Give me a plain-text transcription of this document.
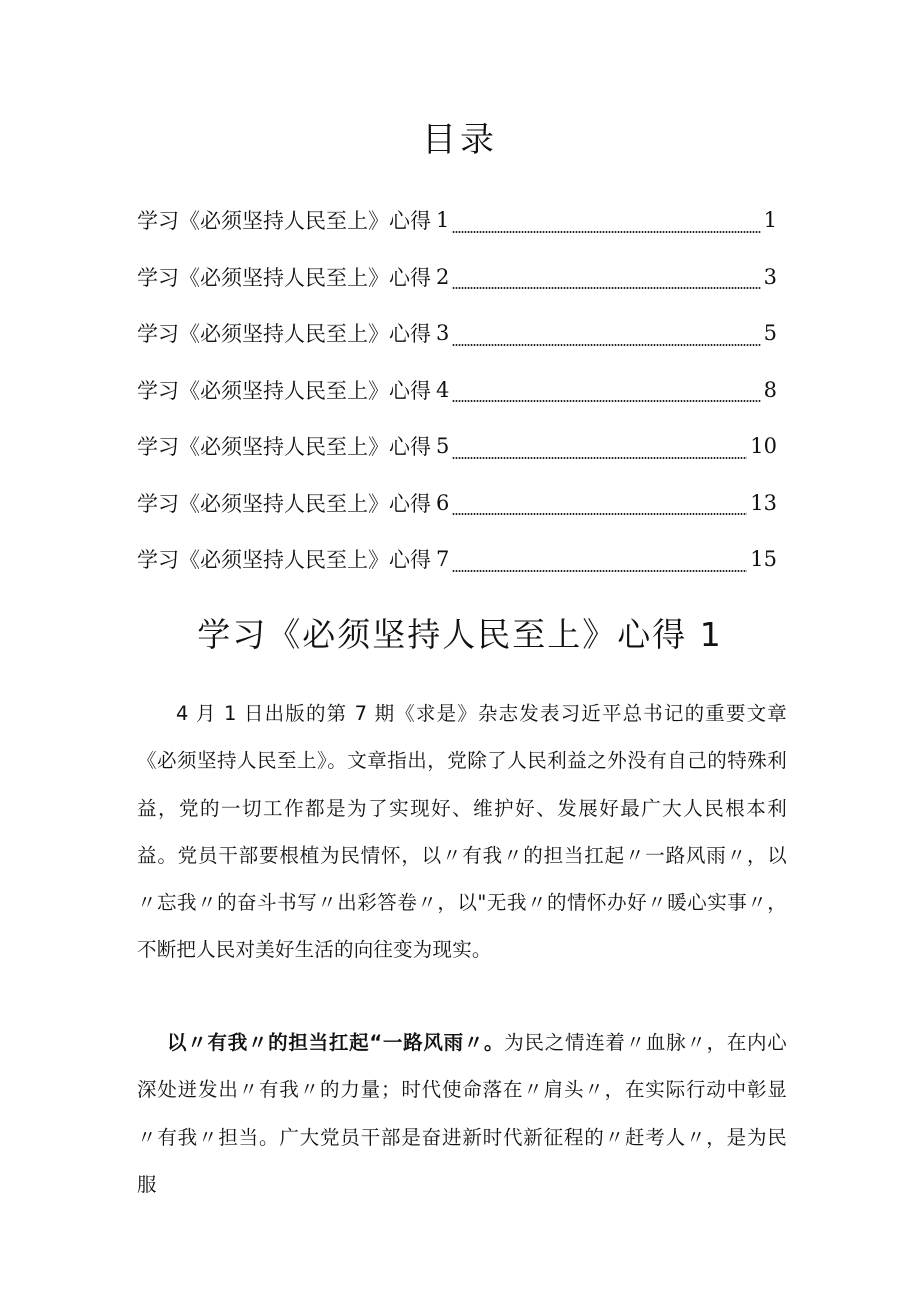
目录
学习《必须坚持人民至上》心得 1	1
学习《必须坚持人民至上》心得 2	3
学习《必须坚持人民至上》心得 3	5
学习《必须坚持人民至上》心得 4	8
学习《必须坚持人民至上》心得 5	10
学习《必须坚持人民至上》心得 6	13
学习《必须坚持人民至上》心得 7	15
学习《必须坚持人民至上》心得 1

4 月 1 日出版的第 7 期《求是》杂志发表习近平总书记的重要文章《必须坚持人民至上》。文章指出，党除了人民利益之外没有自己的特殊利益，党的一切工作都是为了实现好、维护好、发展好最广大人民根本利益。党员干部要根植为民情怀，以〃有我〃的担当扛起〃一路风雨〃，以〃忘我〃的奋斗书写〃出彩答卷〃，以"无我〃的情怀办好〃暖心实事〃，不断把人民对美好生活的向往变为现实。

以〃有我〃的担当扛起“一路风雨〃。为民之情连着〃血脉〃，在内心深处迸发出〃有我〃的力量；时代使命落在〃肩头〃，在实际行动中彰显〃有我〃担当。广大党员干部是奋进新时代新征程的〃赶考人〃，是为民服
